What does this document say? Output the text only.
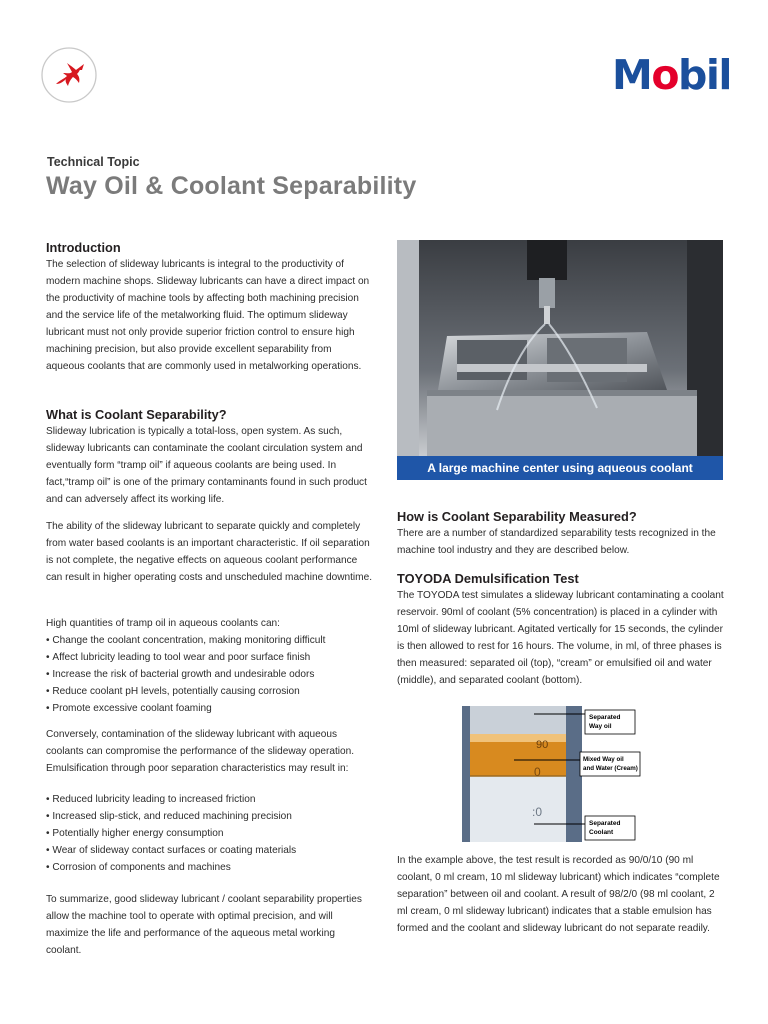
Mobil
Technical Topic
Way Oil & Coolant Separability
Introduction

The selection of slideway lubricants is integral to the productivity of modern machine shops. Slideway lubricants can have a direct impact on the productivity of machine tools by affecting both machining precision and the service life of the metalworking fluid. The optimum slideway lubricant must not only provide superior friction control to ensure high machining precision, but also provide excellent separability from aqueous coolants that are commonly used in metalworking operations.

What is Coolant Separability?

Slideway lubrication is typically a total-loss, open system. As such, slideway lubricants can contaminate the coolant circulation system and eventually form “tramp oil” if aqueous coolants are being used. In fact,“tramp oil” is one of the primary contaminants found in such product and can adversely affect its working life.

The ability of the slideway lubricant to separate quickly and completely from water based coolants is an important characteristic. If oil separation is not complete, the negative effects on aqueous coolant performance can result in higher operating costs and unscheduled machine downtime.

High quantities of tramp oil in aqueous coolants can:

• Change the coolant concentration, making monitoring difficult
• Affect lubricity leading to tool wear and poor surface finish
• Increase the risk of bacterial growth and undesirable odors
• Reduce coolant pH levels, potentially causing corrosion
• Promote excessive coolant foaming

Conversely, contamination of the slideway lubricant with aqueous coolants can compromise the performance of the slideway operation. Emulsification through poor separation characteristics may result in:

• Reduced lubricity leading to increased friction
• Increased slip-stick, and reduced machining precision
• Potentially higher energy consumption
• Wear of slideway contact surfaces or coating materials
• Corrosion of components and machines

To summarize, good slideway lubricant / coolant separability properties allow the machine tool to operate with optimal precision, and will maximize the life and performance of the aqueous metal working coolant.

A large machine center using aqueous coolant
How is Coolant Separability Measured?

There are a number of standardized separability tests recognized in the machine tool industry and they are described below.

TOYODA Demulsification Test

The TOYODA test simulates a slideway lubricant contaminating a coolant reservoir. 90ml of coolant (5% concentration) is placed in a cylinder with 10ml of slideway lubricant. Agitated vertically for 15 seconds, the cylinder is then allowed to rest for 16 hours. The volume, in ml, of three phases is then measured: separated oil (top), “cream” or emulsified oil and water (middle), and separated coolant (bottom).

90
0
:0
Separated
Way oil
Mixed Way oil
and Water (Cream)
Separated
Coolant

In the example above, the test result is recorded as 90/0/10 (90 ml coolant, 0 ml cream, 10 ml slideway lubricant) which indicates “complete separation” between oil and coolant. A result of 98/2/0 (98 ml coolant, 2 ml cream, 0 ml slideway lubricant) indicates that a stable emulsion has formed and the coolant and slideway lubricant do not separate readily.
